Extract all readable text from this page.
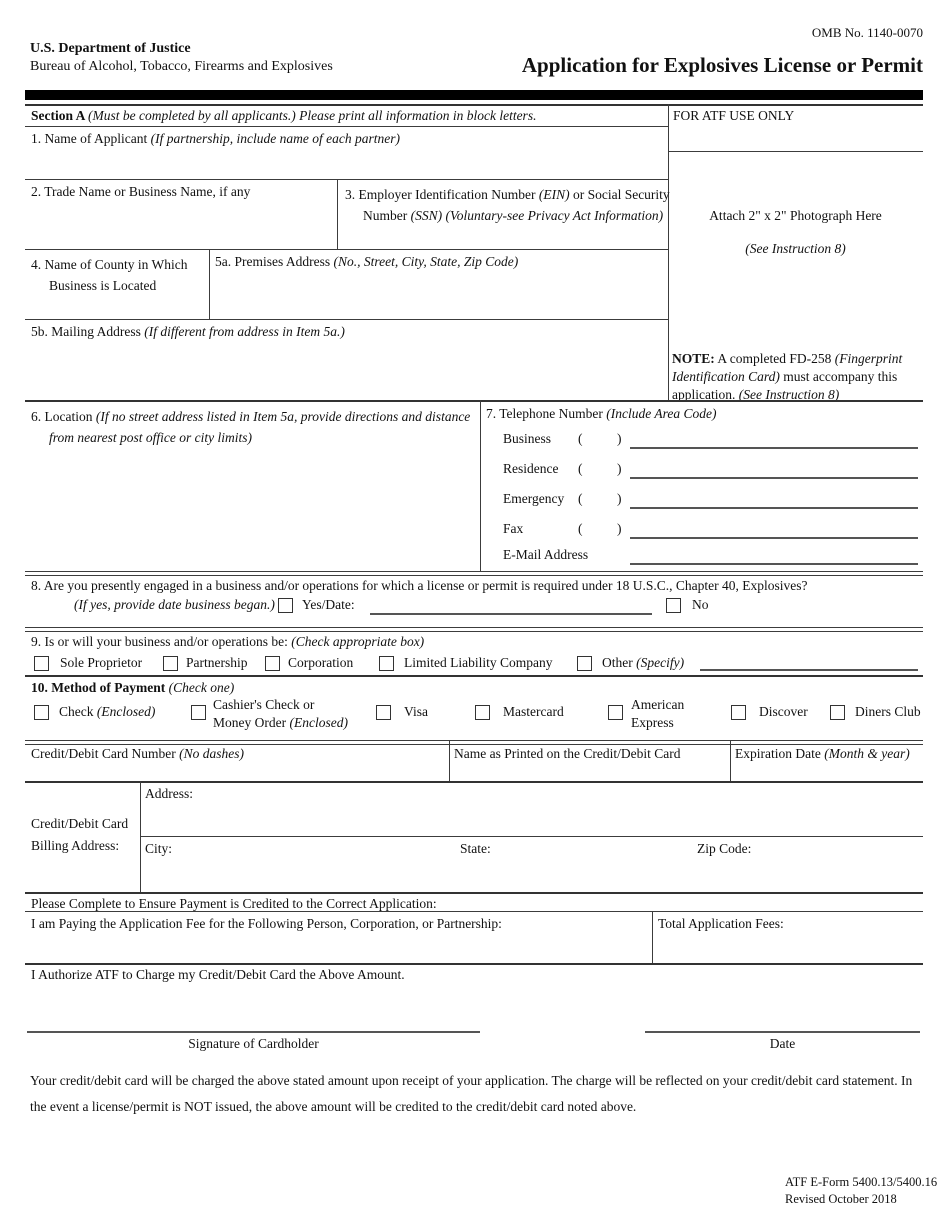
OMB No. 1140-0070
U.S. Department of Justice
Bureau of Alcohol, Tobacco, Firearms and Explosives	Application for Explosives License or Permit
Section A (Must be completed by all applicants.) Please print all information in block letters.	FOR ATF USE ONLY
1. Name of Applicant (If partnership, include name of each partner)
2. Trade Name or Business Name, if any	3. Employer Identification Number (EIN) or Social Security Number (SSN) (Voluntary-see Privacy Act Information)
4. Name of County in Which Business is Located
5a. Premises Address (No., Street, City, State, Zip Code)
5b. Mailing Address (If different from address in Item 5a.)
Attach 2" x 2" Photograph Here
(See Instruction 8)
NOTE: A completed FD-258 (Fingerprint Identification Card) must accompany this application. (See Instruction 8)
6. Location (If no street address listed in Item 5a, provide directions and distance from nearest post office or city limits)
7. Telephone Number (Include Area Code)
Business (	)
Residence (	)
Emergency (	)
Fax	(	)
E-Mail Address
8. Are you presently engaged in a business and/or operations for which a license or permit is required under 18 U.S.C., Chapter 40, Explosives?
(If yes, provide date business began.) Yes/Date:	No
9. Is or will your business and/or operations be: (Check appropriate box)
Sole Proprietor	Partnership	Corporation	Limited Liability Company	Other (Specify)
10. Method of Payment (Check one)
Check (Enclosed)	Cashier's Check or
Money Order (Enclosed)
Visa	Mastercard	American
Express
Discover	Diners Club
Credit/Debit Card Number (No dashes)	Name as Printed on the Credit/Debit Card	Expiration Date (Month & year)
Credit/Debit Card
Billing Address:
Address:
City:	State:	Zip Code:
Please Complete to Ensure Payment is Credited to the Correct Application:
I am Paying the Application Fee for the Following Person, Corporation, or Partnership:	Total Application Fees:
I Authorize ATF to Charge my Credit/Debit Card the Above Amount.
Signature of Cardholder	Date
Your credit/debit card will be charged the above stated amount upon receipt of your application. The charge will be reflected on your credit/debit card statement. In the event a license/permit is NOT issued, the above amount will be credited to the credit/debit card noted above.
ATF E-Form 5400.13/5400.16
Revised October 2018
